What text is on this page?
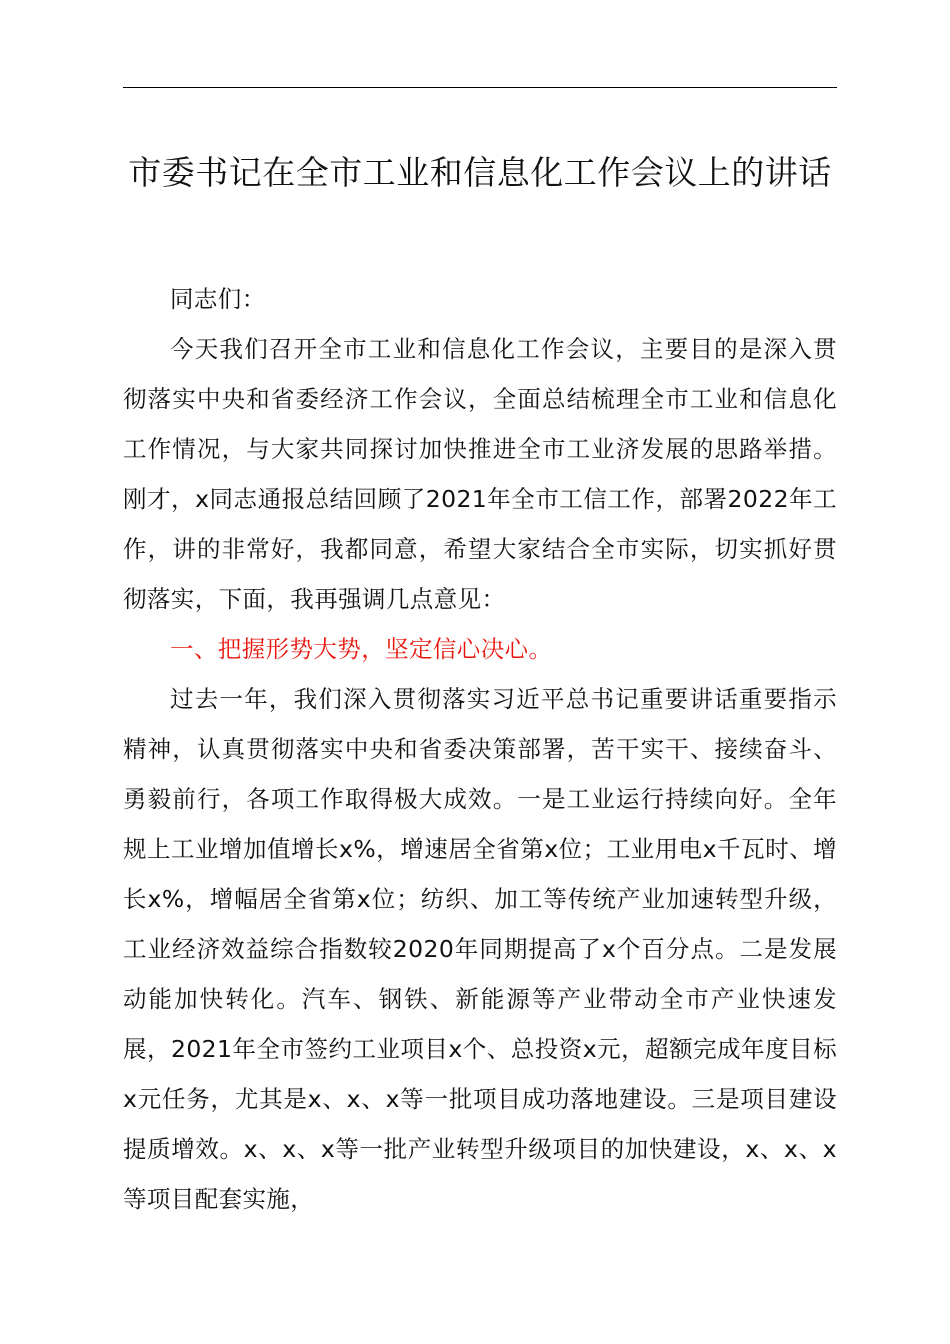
市委书记在全市工业和信息化工作会议上的讲话

同志们：

今天我们召开全市工业和信息化工作会议，主要目的是深入贯彻落实中央和省委经济工作会议，全面总结梳理全市工业和信息化工作情况，与大家共同探讨加快推进全市工业济发展的思路举措。刚才，x同志通报总结回顾了2021年全市工信工作，部署2022年工作，讲的非常好，我都同意，希望大家结合全市实际，切实抓好贯彻落实，下面，我再强调几点意见：

一、把握形势大势，坚定信心决心。

过去一年，我们深入贯彻落实习近平总书记重要讲话重要指示精神，认真贯彻落实中央和省委决策部署，苦干实干、接续奋斗、勇毅前行，各项工作取得极大成效。一是工业运行持续向好。全年规上工业增加值增长x%，增速居全省第x位；工业用电x千瓦时、增长x%，增幅居全省第x位；纺织、加工等传统产业加速转型升级，工业经济效益综合指数较2020年同期提高了x个百分点。二是发展动能加快转化。汽车、钢铁、新能源等产业带动全市产业快速发展，2021年全市签约工业项目x个、总投资x元，超额完成年度目标x元任务，尤其是x、x、x等一批项目成功落地建设。三是项目建设提质增效。x、x、x等一批产业转型升级项目的加快建设，x、x、x等项目配套实施，
